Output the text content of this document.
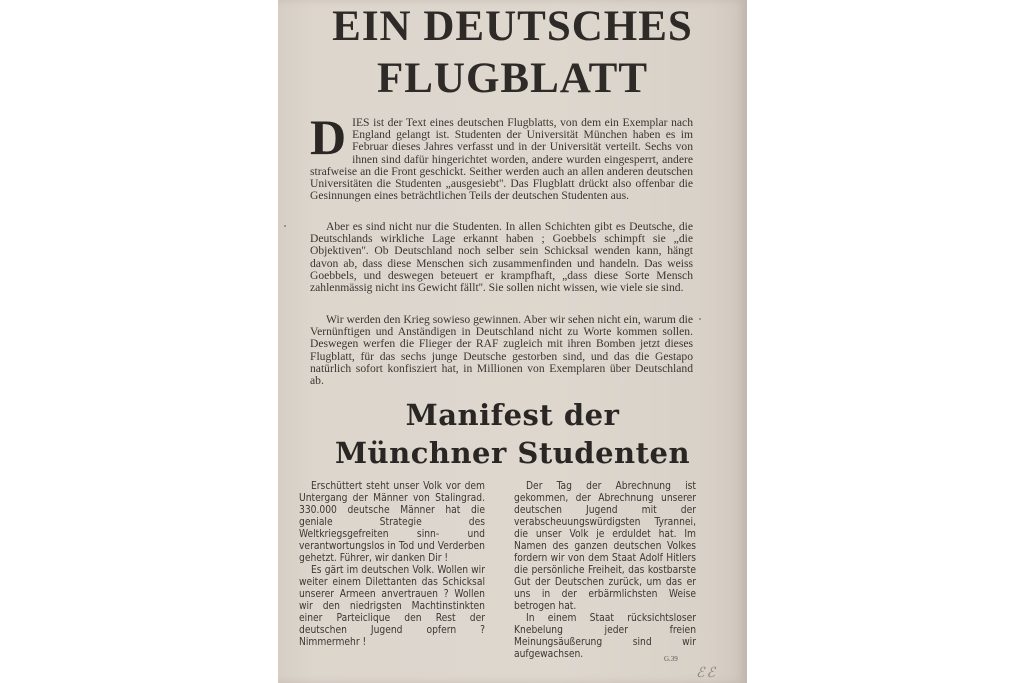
EIN DEUTSCHES
FLUGBLATT

DIES ist der Text eines deutschen Flugblatts, von dem ein Exemplar nach England gelangt ist. Studenten der Universität München haben es im Februar dieses Jahres verfasst und in der Universität verteilt. Sechs von ihnen sind dafür hingerichtet worden, andere wurden eingesperrt, andere strafweise an die Front geschickt. Seither werden auch an allen anderen deutschen Universitäten die Studenten „ausgesiebt''. Das Flugblatt drückt also offenbar die Gesinnungen eines beträchtlichen Teils der deutschen Studenten aus.

Aber es sind nicht nur die Studenten. In allen Schichten gibt es Deutsche, die Deutschlands wirkliche Lage erkannt haben ; Goebbels schimpft sie „die Objektiven''. Ob Deutschland noch selber sein Schicksal wenden kann, hängt davon ab, dass diese Menschen sich zusammenfinden und handeln. Das weiss Goebbels, und deswegen beteuert er krampfhaft, „dass diese Sorte Mensch zahlenmässig nicht ins Gewicht fällt''. Sie sollen nicht wissen, wie viele sie sind.

Wir werden den Krieg sowieso gewinnen. Aber wir sehen nicht ein, warum die Vernünftigen und Anständigen in Deutschland nicht zu Worte kommen sollen. Deswegen werfen die Flieger der RAF zugleich mit ihren Bomben jetzt dieses Flugblatt, für das sechs junge Deutsche gestorben sind, und das die Gestapo natürlich sofort konfisziert hat, in Millionen von Exemplaren über Deutschland ab.

Manifest der
Münchner Studenten

Erschüttert steht unser Volk vor dem Untergang der Männer von Stalingrad. 330.000 deutsche Männer hat die geniale Strategie des Weltkriegsgefreiten sinn- und verantwortungslos in Tod und Verderben gehetzt. Führer, wir danken Dir !

Es gärt im deutschen Volk. Wollen wir weiter einem Dilettanten das Schicksal unserer Armeen anvertrauen ? Wollen wir den niedrigsten Machtinstinkten einer Parteiclique den Rest der deutschen Jugend opfern ? Nimmermehr !

Der Tag der Abrechnung ist gekommen, der Abrechnung unserer deutschen Jugend mit der verabscheuungswürdigsten Tyrannei, die unser Volk je erduldet hat. Im Namen des ganzen deutschen Volkes fordern wir von dem Staat Adolf Hitlers die persönliche Freiheit, das kostbarste Gut der Deutschen zurück, um das er uns in der erbärmlichsten Weise betrogen hat.

In einem Staat rücksichtsloser Knebelung jeder freien Meinungsäußerung sind wir aufgewachsen.	G.39
ℰℰ
